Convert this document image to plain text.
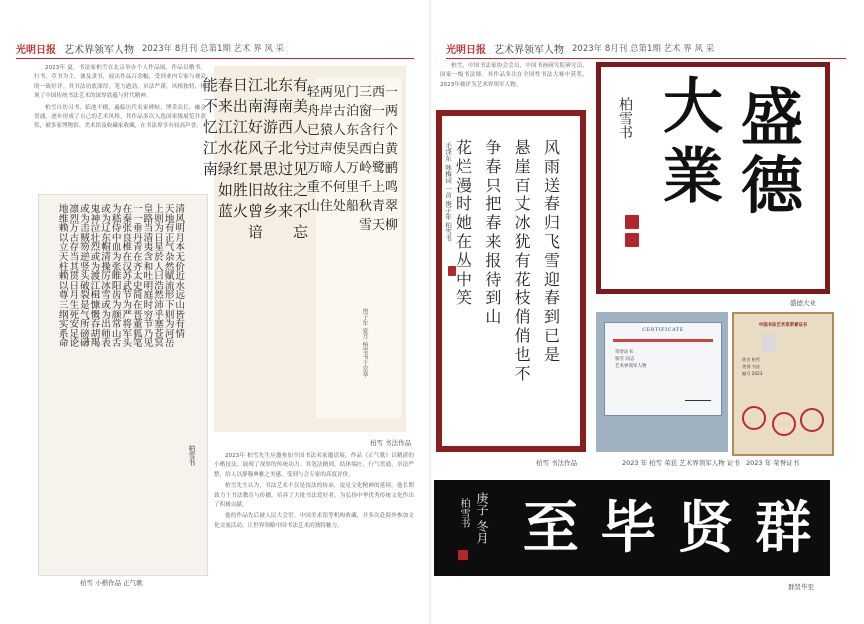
光明日报 艺术界领军人物 2023年 8月刊 总第1期 艺术 界 风 采

2023年 夏，书法家柏雪在北京举办个人作品展，作品以楷书、行书、草书为主，兼及隶书，展出作品百余幅，受到业内专家与观众的一致好评。其书法功底深厚，笔力遒劲，章法严谨，风格独特，体现了中国传统书法艺术的深厚底蕴与时代精神。

柏雪自幼习书，临池不辍，遍临历代名家碑帖，博采众长，融会贯通，逐步形成了自己的艺术风格。其作品多次入选国家级展览并获奖，被多家博物馆、美术馆及收藏家收藏，在书法界享有较高声誉。

清
风
明
月
本
无
价
近
水
远
山
皆
有
情
天
地
有
正
气
杂
然
赋
流
形
下
则
为
河
岳
上
则
为
日
星
於
人
曰
浩
然
沛
乎
塞
苍
冥
皇
路
当
清
夷
含
和
吐
明
庭
时
穷
节
乃
见
一
一
垂
丹
青
在
齐
太
史
简
在
晋
董
狐
笔
在
秦
张
良
椎
在
汉
苏
武
节
为
严
将
军
头
为
嵇
侍
中
血
为
张
睢
阳
齿
为
颜
常
山
舌
或
为
辽
东
帽
清
操
厉
冰
雪
或
为
出
师
表
鬼
神
泣
壮
烈
或
为
渡
江
楫
慷
慨
吞
胡
羯
或
为
击
贼
笏
逆
竖
头
破
裂
是
气
所
磅
礴
凛
烈
万
古
存
当
其
贯
日
月
生
死
安
足
论
地
维
赖
以
立
天
柱
赖
以
尊
三
纲
实
系
命
柏雪书
柏雪 小楷作品 正气歌
有
美
人
兮
见
之
不
忘
东
南
西
北
过
往
来
北
海
游
子
思
故
乡
江
南
好
风
景
旧
曾
谙
日
出
江
花
红
胜
火
春
来
江
水
绿
如
蓝
能
不
忆
江
南
一
两
个
黄
鹂
鸣
翠
柳
西
一
行
白
鹭
上
青
天
三
窗
含
西
岭
千
秋
雪
门
泊
东
吴
万
里
船
见
古
人
使
人
何
处
两
岸
猿
声
啼
不
住
轻
舟
已
过
万
重
山
庚子年 夏月 柏雪书于京华
柏雪 书法作品

2023年 柏雪先生应邀参加全国书法名家邀请展，作品《正气歌》以精湛的小楷技法，展现了深厚的传统功力。其笔法精到，结体端庄，行气贯通，章法严整，给人以静穆典雅之美感，受到与会专家的高度评价。

柏雪先生认为，书法艺术不仅是技法的传承，更是文化精神的延续。他长期致力于书法教育与传播，培养了大批书法爱好者，为弘扬中华优秀传统文化作出了积极贡献。

他的作品先后被人民大会堂、中国美术馆等机构收藏，并多次赴海外参加文化交流活动，让世界领略中国书法艺术的独特魅力。

光明日报 艺术界领军人物 2023年 8月刊 总第1期 艺术 界 风 采

柏雪，中国书法家协会会员，中国书画研究院研究员，国家一级书法师。其作品多次在全国性书法大赛中获奖，2023年被评为艺术界领军人物。

风
雨
送
春
归
飞
雪
迎
春
到
已
是
悬
崖
百
丈
冰
犹
有
花
枝
俏
俏
也
不
争
春
只
把
春
来
报
待
到
山
花
烂
漫
时
她
在
丛
中
笑
毛泽东 咏梅词 一首 庚子年 柏雪书
柏雪 书法作品
盛
德
大
業
柏雪书
盛德大业
CERTIFICATE
荣誉证书
柏雪 同志
艺术界领军人物
2023 年 柏雪 荣获 艺术界领军人物 证书
中国书法艺术家荣誉证书
姓名 柏雪
类别 书法
编号 2023
2023 年 荣誉证书
群
贤
毕
至
庚子 冬月
柏雪书
群贤毕至
